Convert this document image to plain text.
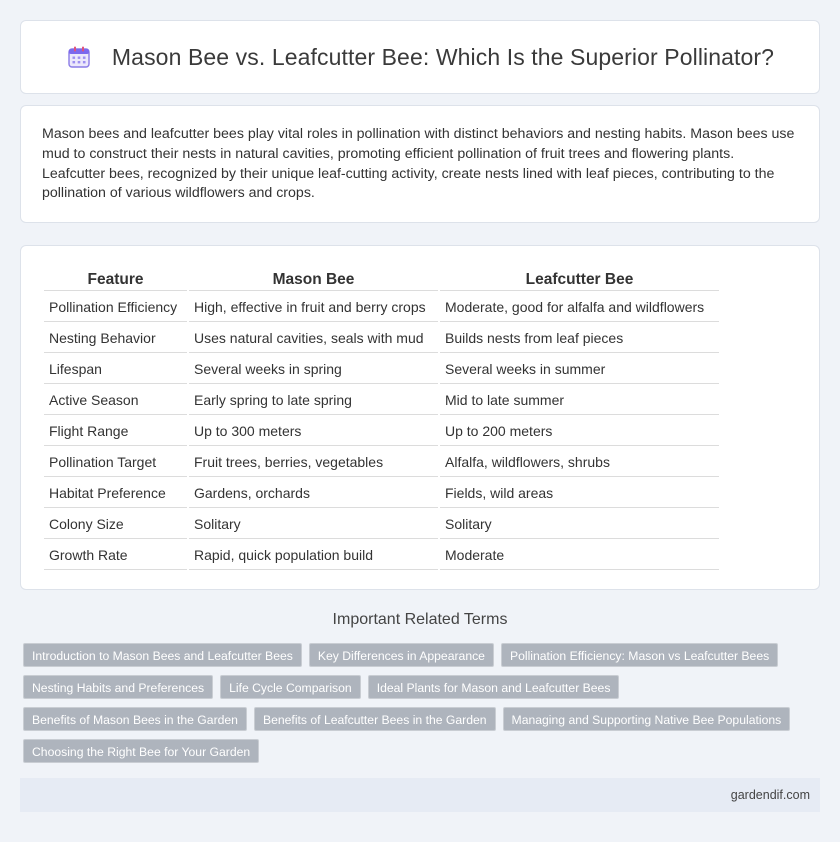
Mason Bee vs. Leafcutter Bee: Which Is the Superior Pollinator?

Mason bees and leafcutter bees play vital roles in pollination with distinct behaviors and nesting habits. Mason bees use mud to construct their nests in natural cavities, promoting efficient pollination of fruit trees and flowering plants. Leafcutter bees, recognized by their unique leaf-cutting activity, create nests lined with leaf pieces, contributing to the pollination of various wildflowers and crops.

Feature	Mason Bee	Leafcutter Bee
Pollination Efficiency	High, effective in fruit and berry crops	Moderate, good for alfalfa and wildflowers
Nesting Behavior	Uses natural cavities, seals with mud	Builds nests from leaf pieces
Lifespan	Several weeks in spring	Several weeks in summer
Active Season	Early spring to late spring	Mid to late summer
Flight Range	Up to 300 meters	Up to 200 meters
Pollination Target	Fruit trees, berries, vegetables	Alfalfa, wildflowers, shrubs
Habitat Preference	Gardens, orchards	Fields, wild areas
Colony Size	Solitary	Solitary
Growth Rate	Rapid, quick population build	Moderate
Important Related Terms
Introduction to Mason Bees and Leafcutter Bees	Key Differences in Appearance	Pollination Efficiency: Mason vs Leafcutter Bees
Nesting Habits and Preferences	Life Cycle Comparison	Ideal Plants for Mason and Leafcutter Bees
Benefits of Mason Bees in the Garden	Benefits of Leafcutter Bees in the Garden	Managing and Supporting Native Bee Populations
Choosing the Right Bee for Your Garden
gardendif.com
